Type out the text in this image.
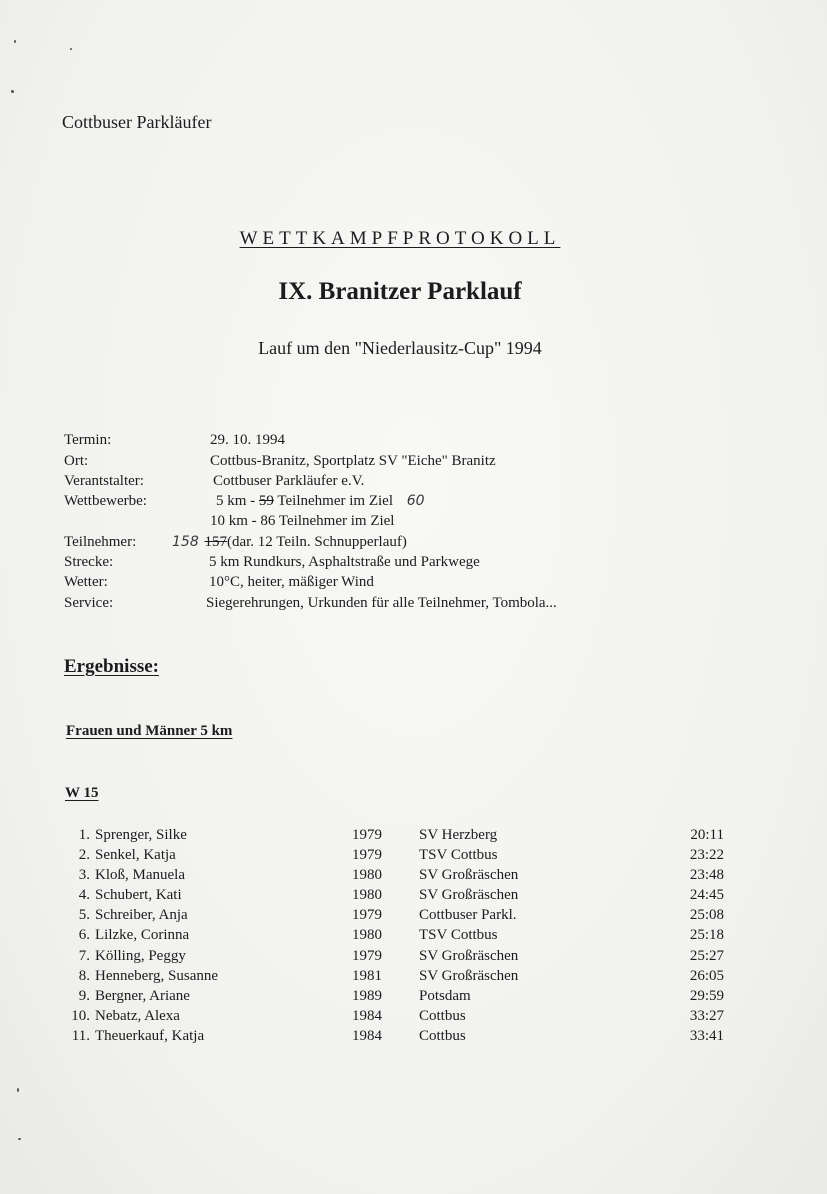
Cottbuser Parkläufer
WETTKAMPFPROTOKOLL
IX. Branitzer Parklauf
Lauf um den "Niederlausitz-Cup" 1994
Termin:	29. 10. 1994
Ort:	Cottbus-Branitz, Sportplatz SV "Eiche" Branitz
Verantstalter:	Cottbuser Parkläufer e.V.
Wettbewerbe:	5 km - 59 Teilnehmer im Ziel 60
10 km - 86 Teilnehmer im Ziel
Teilnehmer:	158 157(dar. 12 Teiln. Schnupperlauf)
Strecke:	5 km Rundkurs, Asphaltstraße und Parkwege
Wetter:	10°C, heiter, mäßiger Wind
Service:	Siegerehrungen, Urkunden für alle Teilnehmer, Tombola...
Ergebnisse:
Frauen und Männer 5 km
W 15
1. Sprenger, Silke	1979 SV Herzberg	20:11
2. Senkel, Katja	1979 TSV Cottbus	23:22
3. Kloß, Manuela	1980 SV Großräschen	23:48
4. Schubert, Kati	1980 SV Großräschen	24:45
5. Schreiber, Anja	1979 Cottbuser Parkl.	25:08
6. Lilzke, Corinna	1980 TSV Cottbus	25:18
7. Kölling, Peggy	1979 SV Großräschen	25:27
8. Henneberg, Susanne	1981 SV Großräschen	26:05
9. Bergner, Ariane	1989 Potsdam	29:59
10. Nebatz, Alexa	1984 Cottbus	33:27
11. Theuerkauf, Katja	1984 Cottbus	33:41
